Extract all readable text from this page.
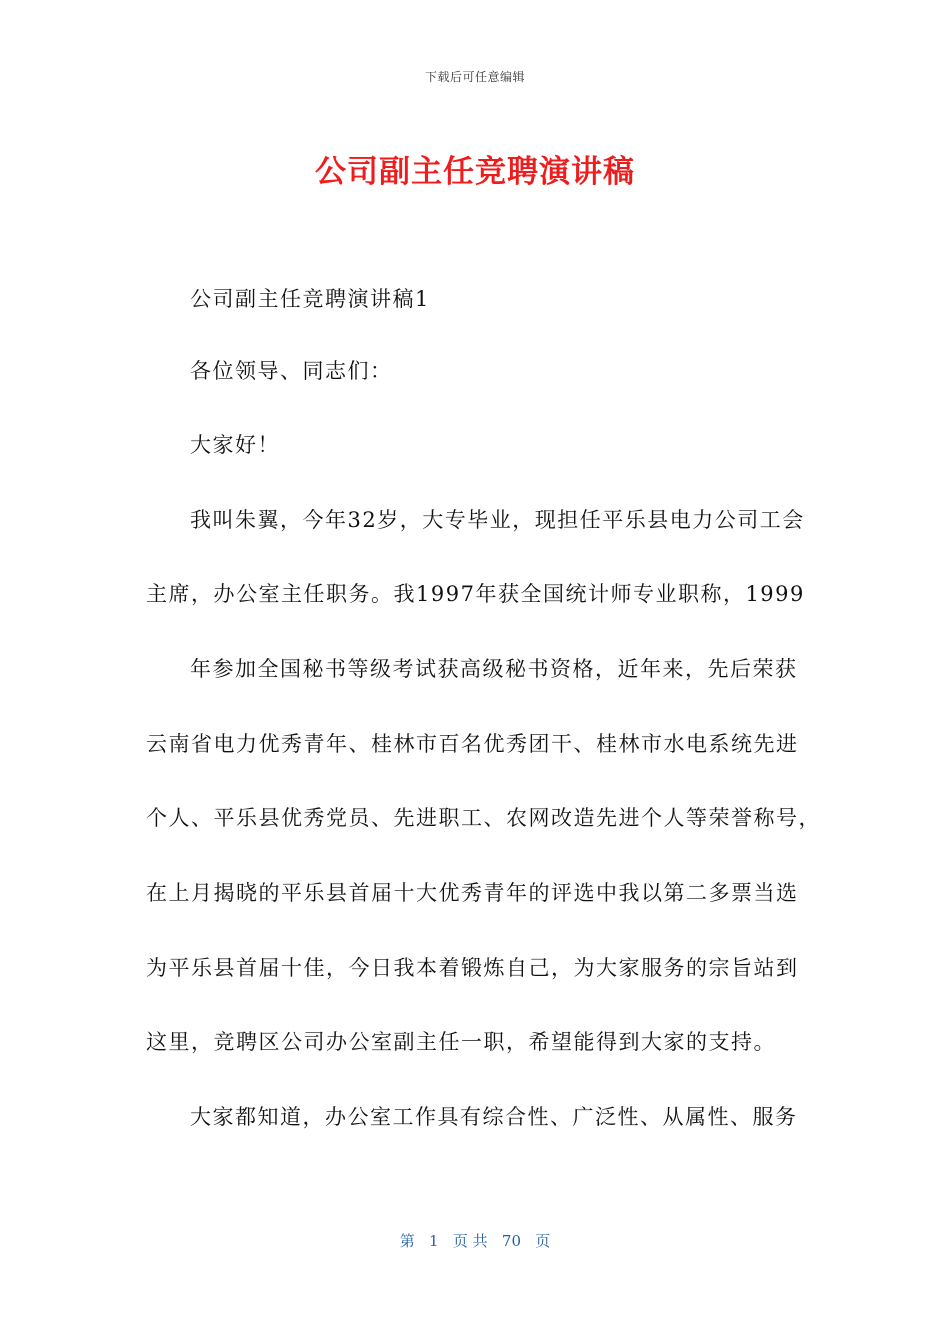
下载后可任意编辑
公司副主任竞聘演讲稿
公司副主任竞聘演讲稿1
各位领导、同志们：
大家好！
我叫朱翼，今年32岁，大专毕业，现担任平乐县电力公司工会
主席，办公室主任职务。我1997年获全国统计师专业职称，1999
年参加全国秘书等级考试获高级秘书资格，近年来，先后荣获
云南省电力优秀青年、桂林市百名优秀团干、桂林市水电系统先进
个人、平乐县优秀党员、先进职工、农网改造先进个人等荣誉称号，
在上月揭晓的平乐县首届十大优秀青年的评选中我以第二多票当选
为平乐县首届十佳，今日我本着锻炼自己，为大家服务的宗旨站到
这里，竞聘区公司办公室副主任一职，希望能得到大家的支持。
大家都知道，办公室工作具有综合性、广泛性、从属性、服务
第   1   页 共   70   页
